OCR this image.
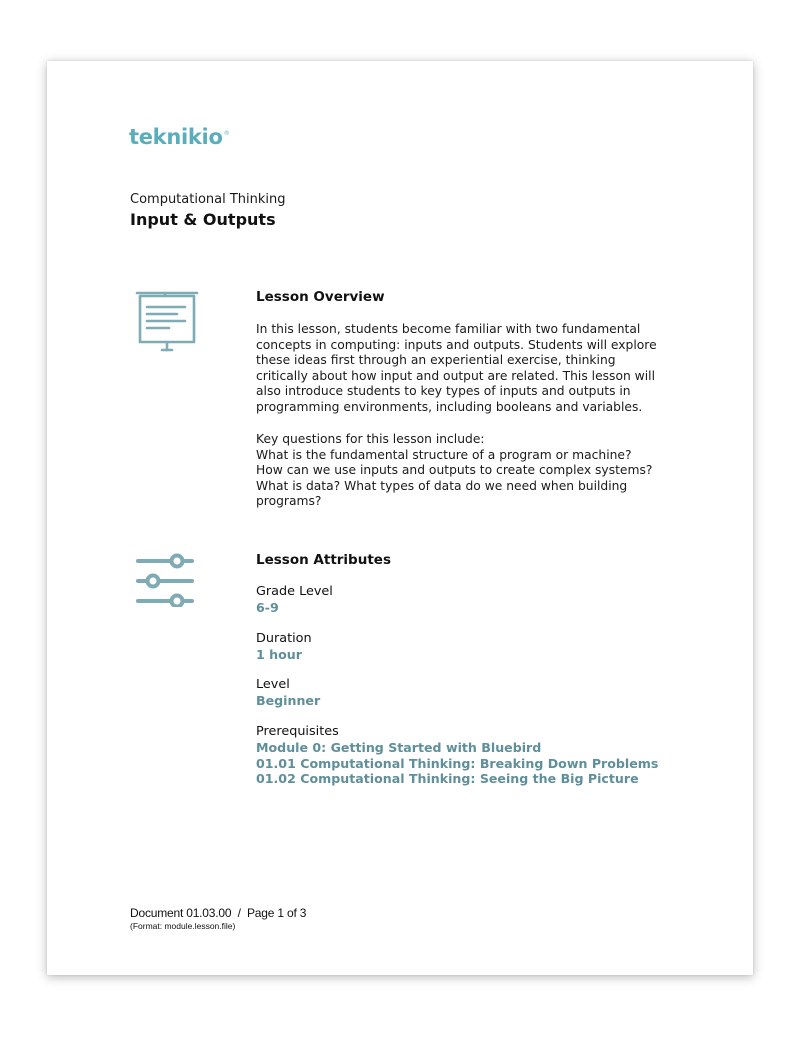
teknikio®
Computational Thinking
Input & Outputs
Lesson Overview
In this lesson, students become familiar with two fundamental
concepts in computing: inputs and outputs. Students will explore
these ideas first through an experiential exercise, thinking
critically about how input and output are related. This lesson will
also introduce students to key types of inputs and outputs in
programming environments, including booleans and variables.
Key questions for this lesson include:
What is the fundamental structure of a program or machine?
How can we use inputs and outputs to create complex systems?
What is data? What types of data do we need when building
programs?
Lesson Attributes
Grade Level
6-9
Duration
1 hour
Level
Beginner
Prerequisites
Module 0: Getting Started with Bluebird
01.01 Computational Thinking: Breaking Down Problems
01.02 Computational Thinking: Seeing the Big Picture
Document 01.03.00  /  Page 1 of 3
(Format: module.lesson.file)
